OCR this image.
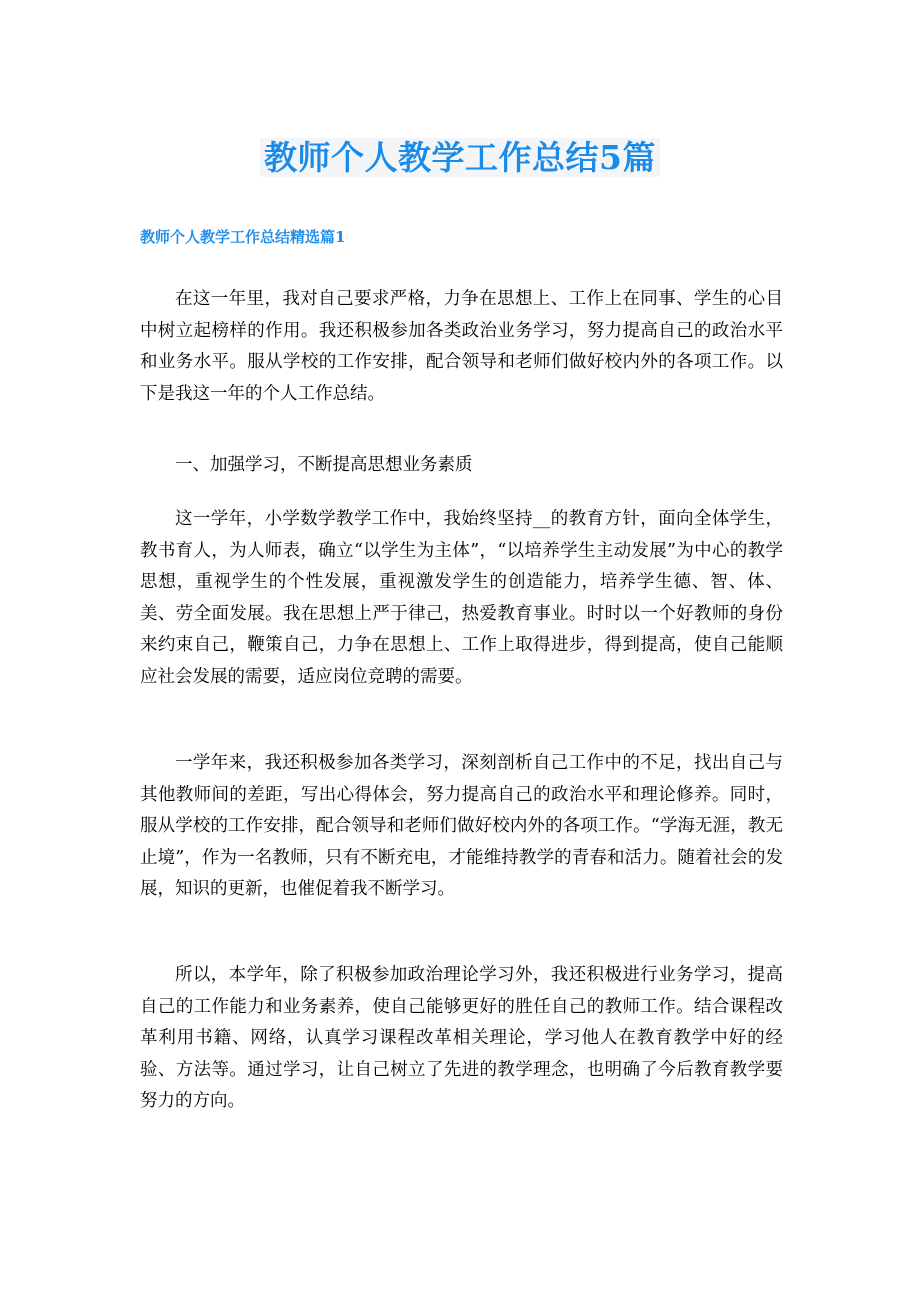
教师个人教学工作总结5篇
教师个人教学工作总结精选篇1

在这一年里，我对自己要求严格，力争在思想上、工作上在同事、学生的心目中树立起榜样的作用。我还积极参加各类政治业务学习，努力提高自己的政治水平和业务水平。服从学校的工作安排，配合领导和老师们做好校内外的各项工作。以下是我这一年的个人工作总结。

一、加强学习，不断提高思想业务素质

这一学年，小学数学教学工作中，我始终坚持__的教育方针，面向全体学生，教书育人，为人师表，确立“以学生为主体”，“以培养学生主动发展”为中心的教学思想，重视学生的个性发展，重视激发学生的创造能力，培养学生德、智、体、美、劳全面发展。我在思想上严于律己，热爱教育事业。时时以一个好教师的身份来约束自己，鞭策自己，力争在思想上、工作上取得进步，得到提高，使自己能顺应社会发展的需要，适应岗位竞聘的需要。

一学年来，我还积极参加各类学习，深刻剖析自己工作中的不足，找出自己与其他教师间的差距，写出心得体会，努力提高自己的政治水平和理论修养。同时，服从学校的工作安排，配合领导和老师们做好校内外的各项工作。“学海无涯，教无止境”，作为一名教师，只有不断充电，才能维持教学的青春和活力。随着社会的发展，知识的更新，也催促着我不断学习。

所以，本学年，除了积极参加政治理论学习外，我还积极进行业务学习，提高自己的工作能力和业务素养，使自己能够更好的胜任自己的教师工作。结合课程改革利用书籍、网络，认真学习课程改革相关理论，学习他人在教育教学中好的经验、方法等。通过学习，让自己树立了先进的教学理念，也明确了今后教育教学要努力的方向。
